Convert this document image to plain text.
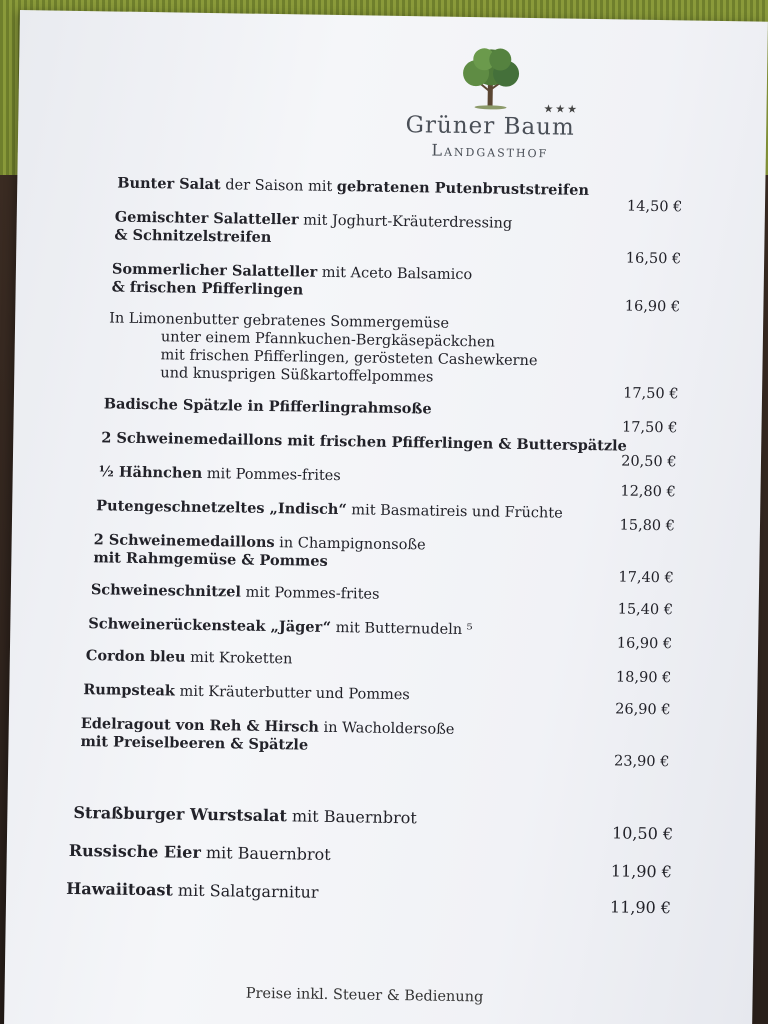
Grüner Baum
★★★
Landgasthof
Bunter Salat der Saison mit gebratenen Putenbruststreifen
14,50 €
Gemischter Salatteller mit Joghurt-Kräuterdressing
& Schnitzelstreifen
16,50 €
Sommerlicher Salatteller mit Aceto Balsamico
& frischen Pfifferlingen
16,90 €
In Limonenbutter gebratenes Sommergemüse
unter einem Pfannkuchen-Bergkäsepäckchen
mit frischen Pfifferlingen, gerösteten Cashewkerne
und knusprigen Süßkartoffelpommes
17,50 €
Badische Spätzle in Pfifferlingrahmsoße
17,50 €
2 Schweinemedaillons mit frischen Pfifferlingen & Butterspätzle
20,50 €
½ Hähnchen mit Pommes-frites
12,80 €
Putengeschnetzeltes „Indisch“ mit Basmatireis und Früchte
15,80 €
2 Schweinemedaillons in Champignonsoße
mit Rahmgemüse & Pommes
17,40 €
Schweineschnitzel mit Pommes-frites
15,40 €
Schweinerückensteak „Jäger“ mit Butternudeln ⁵
16,90 €
Cordon bleu mit Kroketten
18,90 €
Rumpsteak mit Kräuterbutter und Pommes
26,90 €
Edelragout von Reh & Hirsch in Wacholdersoße
mit Preiselbeeren & Spätzle
23,90 €
Straßburger Wurstsalat mit Bauernbrot
10,50 €
Russische Eier mit Bauernbrot
11,90 €
Hawaiitoast mit Salatgarnitur
11,90 €
Preise inkl. Steuer & Bedienung
